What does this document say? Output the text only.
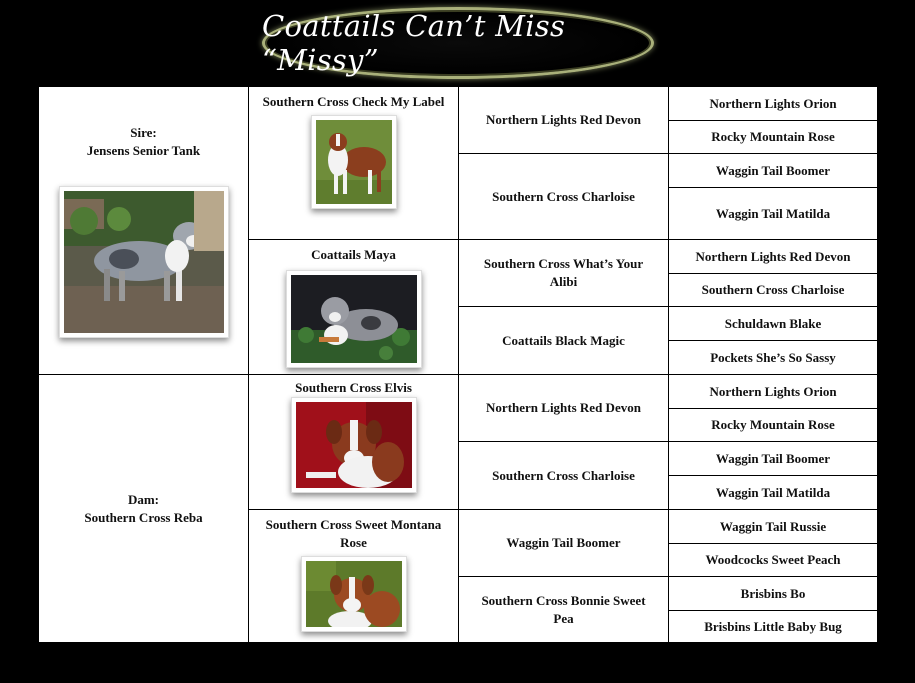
Coattails Can’t Miss “Missy”
Sire:
Jensens Senior Tank
Dam:
Southern Cross Reba
Southern Cross Check My Label
Coattails Maya
Southern Cross Elvis
Southern Cross Sweet Montana Rose
Northern Lights Red Devon
Southern Cross Charloise
Southern Cross What’s Your Alibi
Coattails Black Magic
Northern Lights Red Devon
Southern Cross Charloise
Waggin Tail Boomer
Southern Cross Bonnie Sweet Pea
Northern Lights Orion
Rocky Mountain Rose
Waggin Tail Boomer
Waggin Tail Matilda
Northern Lights Red Devon
Southern Cross Charloise
Schuldawn Blake
Pockets She’s So Sassy
Northern Lights Orion
Rocky Mountain Rose
Waggin Tail Boomer
Waggin Tail Matilda
Waggin Tail Russie
Woodcocks Sweet Peach
Brisbins Bo
Brisbins Little Baby Bug
